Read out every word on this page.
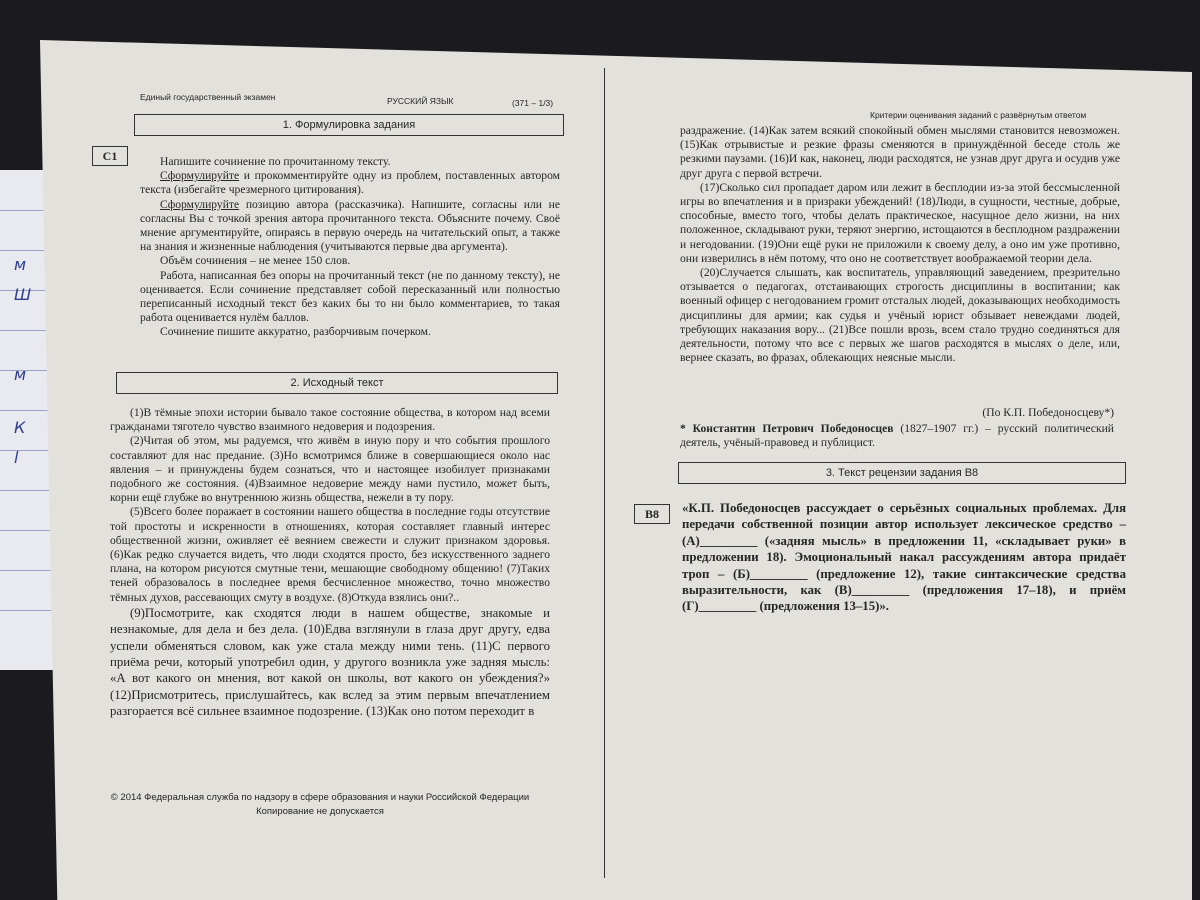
м
Ш
м
К
l
Единый государственный экзамен	РУССКИЙ ЯЗЫК	(371 – 1/3)
1. Формулировка задания
С1	Напишите сочинение по прочитанному тексту.

Сформулируйте и прокомментируйте одну из проблем, поставленных автором текста (избегайте чрезмерного цитирования).

Сформулируйте позицию автора (рассказчика). Напишите, согласны или не согласны Вы с точкой зрения автора прочитанного текста. Объясните почему. Своё мнение аргументируйте, опираясь в первую очередь на читательский опыт, а также на знания и жизненные наблюдения (учитываются первые два аргумента).

Объём сочинения – не менее 150 слов.

Работа, написанная без опоры на прочитанный текст (не по данному тексту), не оценивается. Если сочинение представляет собой пересказанный или полностью переписанный исходный текст без каких бы то ни было комментариев, то такая работа оценивается нулём баллов.

Сочинение пишите аккуратно, разборчивым почерком.

2. Исходный текст

(1)В тёмные эпохи истории бывало такое состояние общества, в котором над всеми гражданами тяготело чувство взаимного недоверия и подозрения.

(2)Читая об этом, мы радуемся, что живём в иную пору и что события прошлого составляют для нас предание. (3)Но всмотримся ближе в совершающиеся около нас явления – и принуждены будем сознаться, что и настоящее изобилует признаками подобного же состояния. (4)Взаимное недоверие между нами пустило, может быть, корни ещё глубже во внутреннюю жизнь общества, нежели в ту пору.

(5)Всего более поражает в состоянии нашего общества в последние годы отсутствие той простоты и искренности в отношениях, которая составляет главный интерес общественной жизни, оживляет её веянием свежести и служит признаком здоровья. (6)Как редко случается видеть, что люди сходятся просто, без искусственного заднего плана, на котором рисуются смутные тени, мешающие свободному общению! (7)Таких теней образовалось в последнее время бесчисленное множество, точно множество тёмных духов, рассевающих смуту в воздухе. (8)Откуда взялись они?..

(9)Посмотрите, как сходятся люди в нашем обществе, знакомые и незнакомые, для дела и без дела. (10)Едва взглянули в глаза друг другу, едва успели обменяться словом, как уже стала между ними тень. (11)С первого приёма речи, который употребил один, у другого возникла уже задняя мысль: «А вот какого он мнения, вот какой он школы, вот какого он убеждения?» (12)Присмотритесь, прислушайтесь, как вслед за этим первым впечатлением разгорается всё сильнее взаимное подозрение. (13)Как оно потом переходит в

© 2014 Федеральная служба по надзору в сфере образования и науки Российской Федерации
Копирование не допускается
Критерии оценивания заданий с развёрнутым ответом

раздражение. (14)Как затем всякий спокойный обмен мыслями становится невозможен. (15)Как отрывистые и резкие фразы сменяются в принуждённой беседе столь же резкими паузами. (16)И как, наконец, люди расходятся, не узнав друг друга и осудив уже друг друга с первой встречи.

(17)Сколько сил пропадает даром или лежит в бесплодии из-за этой бессмысленной игры во впечатления и в призраки убеждений! (18)Люди, в сущности, честные, добрые, способные, вместо того, чтобы делать практическое, насущное дело жизни, на них положенное, складывают руки, теряют энергию, истощаются в бесплодном раздражении и негодовании. (19)Они ещё руки не приложили к своему делу, а оно им уже противно, они изверились в нём потому, что оно не соответствует воображаемой теории дела.

(20)Случается слышать, как воспитатель, управляющий заведением, презрительно отзывается о педагогах, отстаивающих строгость дисциплины в воспитании; как военный офицер с негодованием громит отсталых людей, доказывающих необходимость дисциплины для армии; как судья и учёный юрист обзывает невеждами людей, требующих наказания вору... (21)Все пошли врозь, всем стало трудно соединяться для деятельности, потому что все с первых же шагов расходятся в мыслях о деле, или, вернее сказать, во фразах, облекающих неясные мысли.

(По К.П. Победоносцеву*)

* Константин Петрович Победоносцев (1827–1907 гг.) – русский политический деятель, учёный-правовед и публицист.

3. Текст рецензии задания В8
В8	«К.П. Победоносцев рассуждает о серьёзных социальных проблемах. Для передачи собственной позиции автор использует лексическое средство – (А)_________ («задняя мысль» в предложении 11, «складывает руки» в предложении 18). Эмоциональный накал рассуждениям автора придаёт троп – (Б)_________ (предложение 12), такие синтаксические средства выразительности, как (В)_________ (предложения 17–18), и приём (Г)_________ (предложения 13–15)».
